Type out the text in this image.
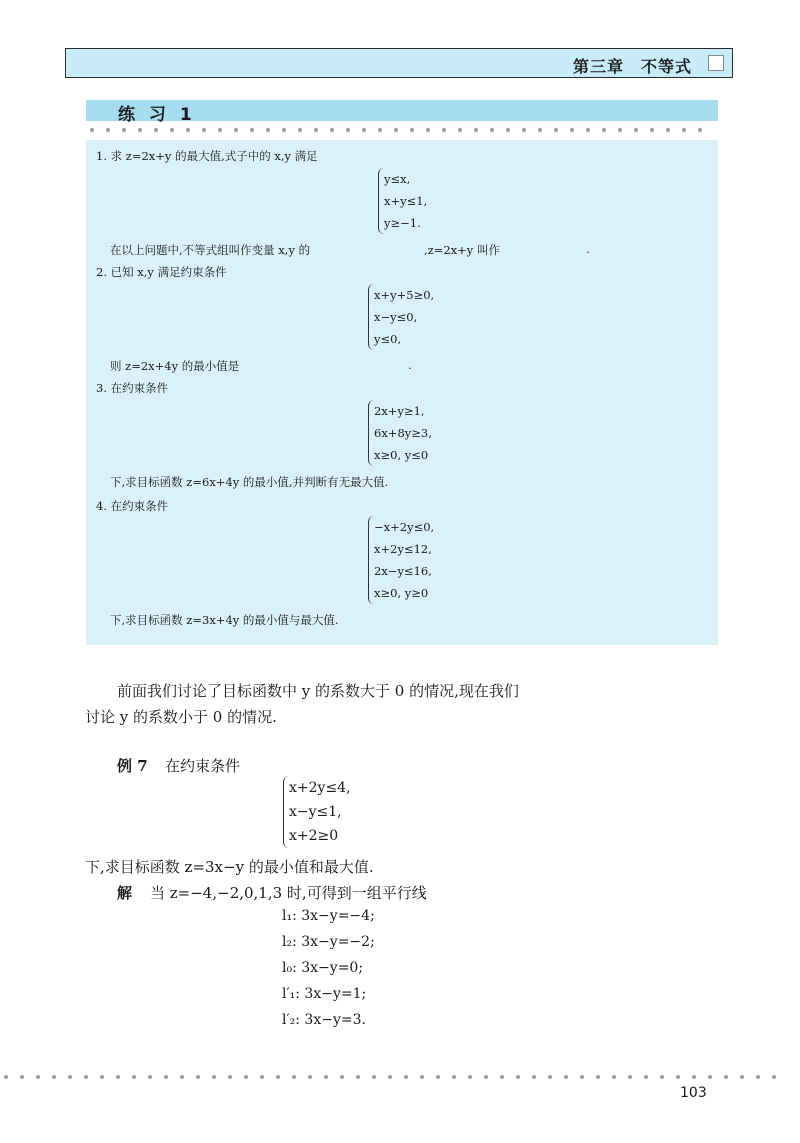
第三章　不等式
练 习 1
1. 求 z=2x+y 的最大值,式子中的 x,y 满足
y≤x,
x+y≤1,
y≥−1.
在以上问题中,不等式组叫作变量 x,y 的	,z=2x+y 叫作	.
2. 已知 x,y 满足约束条件
x+y+5≥0,
x−y≤0,
y≤0,
则 z=2x+4y 的最小值是	.
3. 在约束条件
2x+y≥1,
6x+8y≥3,
x≥0, y≤0
下,求目标函数 z=6x+4y 的最小值,并判断有无最大值.
4. 在约束条件
−x+2y≤0,
x+2y≤12,
2x−y≤16,
x≥0, y≥0
下,求目标函数 z=3x+4y 的最小值与最大值.
前面我们讨论了目标函数中 y 的系数大于 0 的情况,现在我们
讨论 y 的系数小于 0 的情况.
例 7 在约束条件
x+2y≤4,
x−y≤1,
x+2≥0
下,求目标函数 z=3x−y 的最小值和最大值.
解 当 z=−4,−2,0,1,3 时,可得到一组平行线
l₁: 3x−y=−4;
l₂: 3x−y=−2;
l₀: 3x−y=0;
l′₁: 3x−y=1;
l′₂: 3x−y=3.
103
